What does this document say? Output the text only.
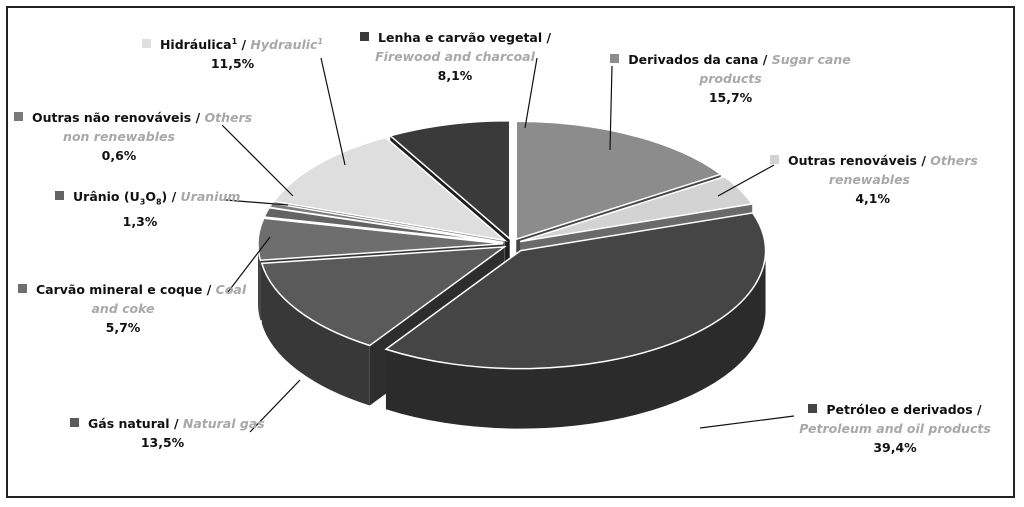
Hidráulica$^1$ / Hydraulic$^1$
11,5%
Lenha e carvão vegetal /
Firewood and charcoal
8,1%
Derivados da cana / Sugar cane
products
15,7%
Outras renováveis / Others
renewables
4,1%
Outras não renováveis / Others
non renewables
0,6%
Urânio $(U_3O_8)$ / Uranium
1,3%
Carvão mineral e coque / Coal
and coke
5,7%
Gás natural / Natural gas
13,5%
Petróleo e derivados /
Petroleum and oil products
39,4%
